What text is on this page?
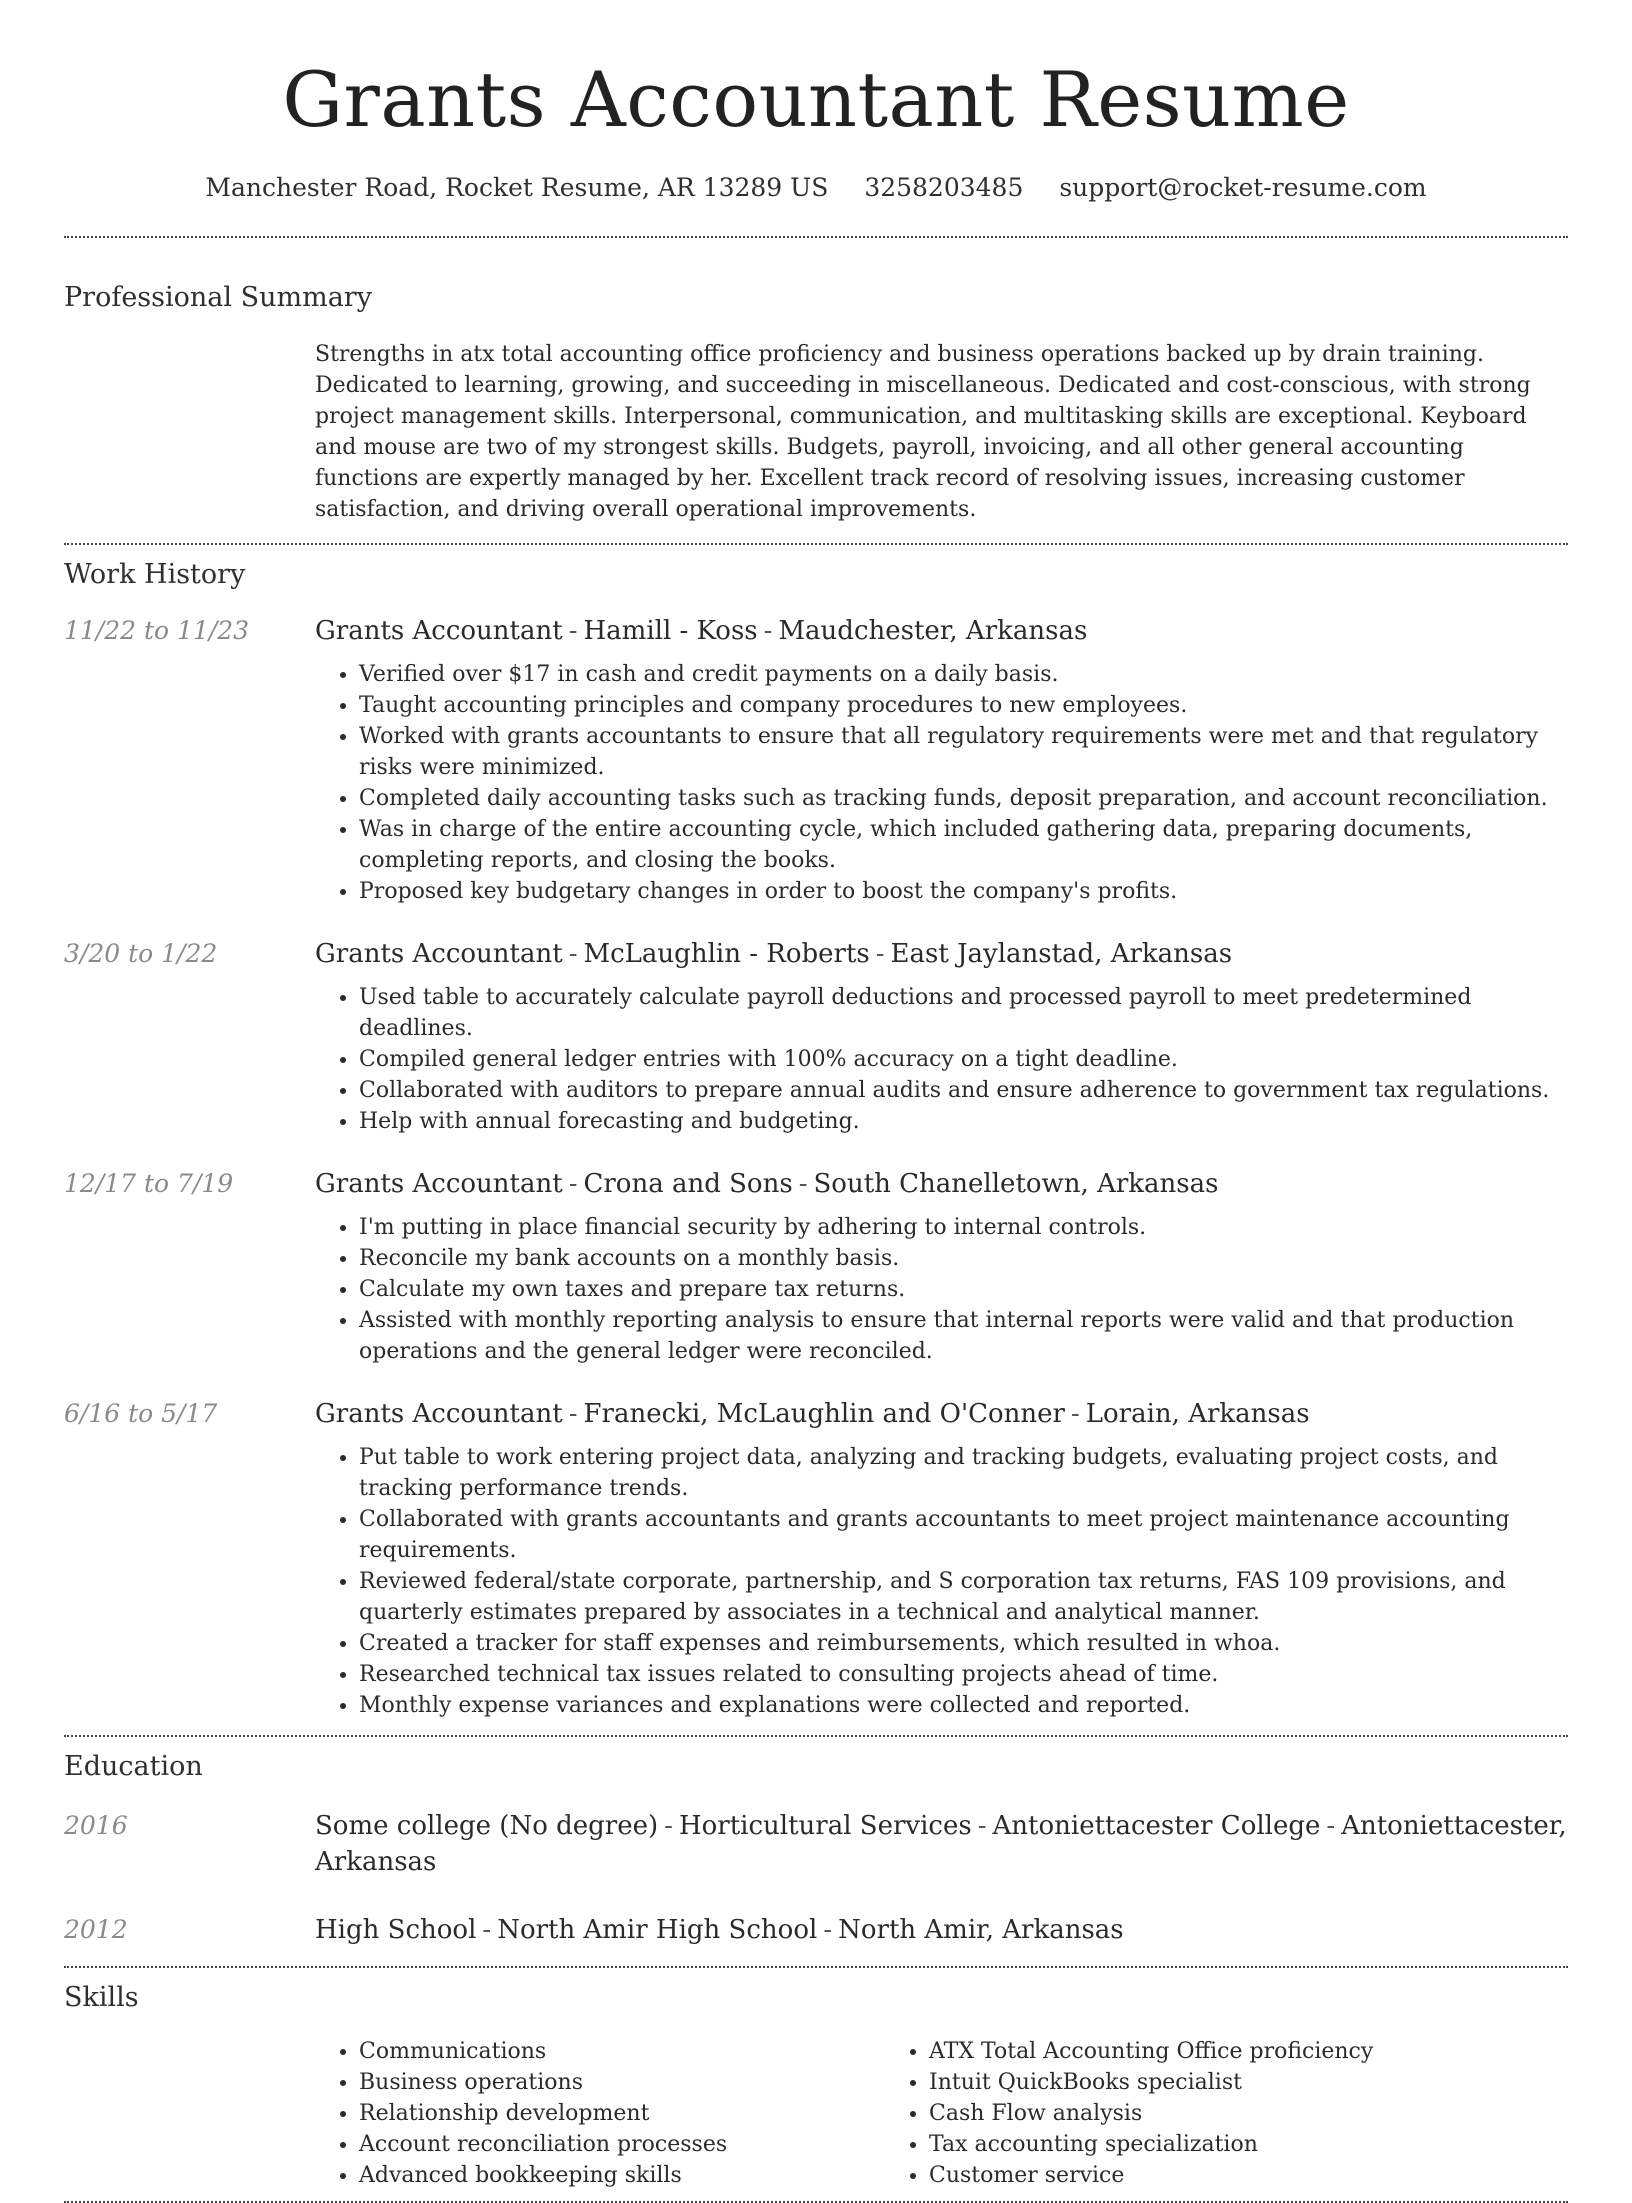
Grants Accountant Resume
Manchester Road, Rocket Resume, AR 13289 US 3258203485 support@rocket-resume.com
Professional Summary
Strengths in atx total accounting office proficiency and business operations backed up by drain training. Dedicated to learning, growing, and succeeding in miscellaneous. Dedicated and cost-conscious, with strong project management skills. Interpersonal, communication, and multitasking skills are exceptional. Keyboard and mouse are two of my strongest skills. Budgets, payroll, invoicing, and all other general accounting functions are expertly managed by her. Excellent track record of resolving issues, increasing customer satisfaction, and driving overall operational improvements.
Work History
11/22 to 11/23	Grants Accountant - Hamill - Koss - Maudchester, Arkansas
• Verified over $17 in cash and credit payments on a daily basis.
• Taught accounting principles and company procedures to new employees.
• Worked with grants accountants to ensure that all regulatory requirements were met and that regulatory risks were minimized.
• Completed daily accounting tasks such as tracking funds, deposit preparation, and account reconciliation.
• Was in charge of the entire accounting cycle, which included gathering data, preparing documents, completing reports, and closing the books.
• Proposed key budgetary changes in order to boost the company's profits.
3/20 to 1/22	Grants Accountant - McLaughlin - Roberts - East Jaylanstad, Arkansas
• Used table to accurately calculate payroll deductions and processed payroll to meet predetermined deadlines.
• Compiled general ledger entries with 100% accuracy on a tight deadline.
• Collaborated with auditors to prepare annual audits and ensure adherence to government tax regulations.
• Help with annual forecasting and budgeting.
12/17 to 7/19	Grants Accountant - Crona and Sons - South Chanelletown, Arkansas
• I'm putting in place financial security by adhering to internal controls.
• Reconcile my bank accounts on a monthly basis.
• Calculate my own taxes and prepare tax returns.
• Assisted with monthly reporting analysis to ensure that internal reports were valid and that production operations and the general ledger were reconciled.
6/16 to 5/17	Grants Accountant - Franecki, McLaughlin and O'Conner - Lorain, Arkansas
• Put table to work entering project data, analyzing and tracking budgets, evaluating project costs, and tracking performance trends.
• Collaborated with grants accountants and grants accountants to meet project maintenance accounting requirements.
• Reviewed federal/state corporate, partnership, and S corporation tax returns, FAS 109 provisions, and quarterly estimates prepared by associates in a technical and analytical manner.
• Created a tracker for staff expenses and reimbursements, which resulted in whoa.
• Researched technical tax issues related to consulting projects ahead of time.
• Monthly expense variances and explanations were collected and reported.
Education
2016	Some college (No degree) - Horticultural Services - Antoniettacester College - Antoniettacester, Arkansas
2012	High School - North Amir High School - North Amir, Arkansas
Skills
• Communications
• Business operations
• Relationship development
• Account reconciliation processes
• Advanced bookkeeping skills
• ATX Total Accounting Office proficiency
• Intuit QuickBooks specialist
• Cash Flow analysis
• Tax accounting specialization
• Customer service
